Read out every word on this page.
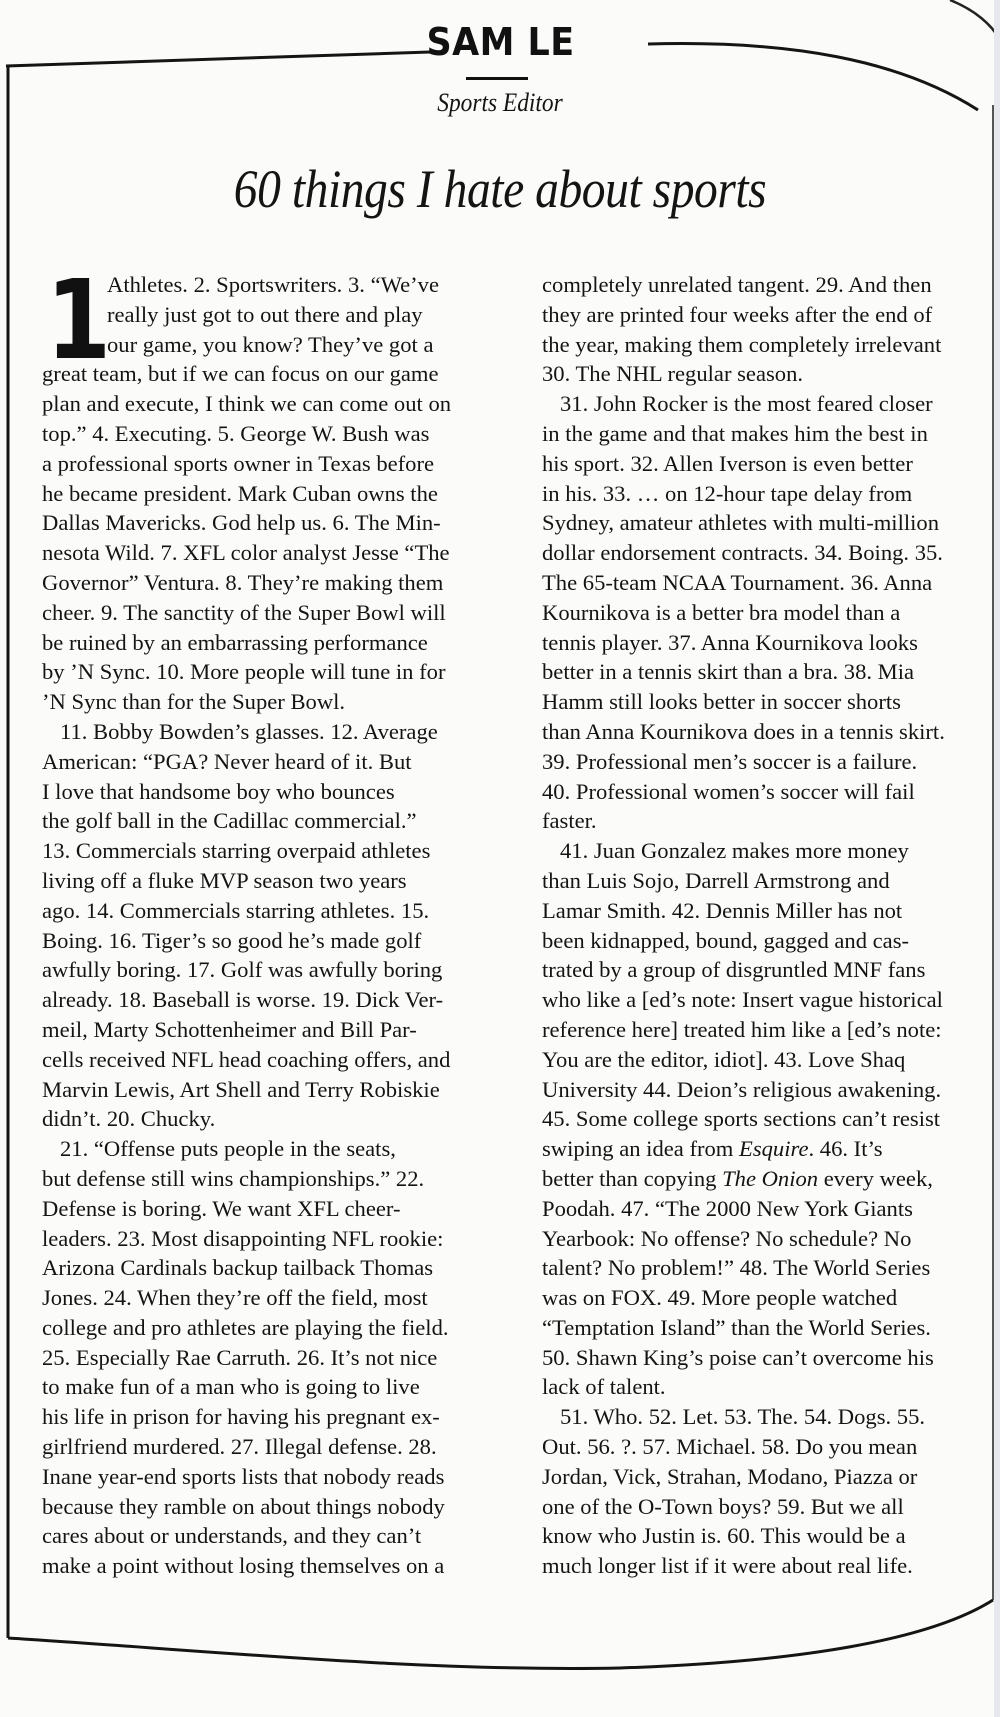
SAM LE
Sports Editor
60 things I hate about sports
1
Athletes. 2. Sportswriters. 3. “We’ve
really just got to out there and play
our game, you know? They’ve got a
great team, but if we can focus on our game
plan and execute, I think we can come out on
top.” 4. Executing. 5. George W. Bush was
a professional sports owner in Texas before
he became president. Mark Cuban owns the
Dallas Mavericks. God help us. 6. The Min-
nesota Wild. 7. XFL color analyst Jesse “The
Governor” Ventura. 8. They’re making them
cheer. 9. The sanctity of the Super Bowl will
be ruined by an embarrassing performance
by ’N Sync. 10. More people will tune in for
’N Sync than for the Super Bowl.
11. Bobby Bowden’s glasses. 12. Average
American: “PGA? Never heard of it. But
I love that handsome boy who bounces
the golf ball in the Cadillac commercial.”
13. Commercials starring overpaid athletes
living off a fluke MVP season two years
ago. 14. Commercials starring athletes. 15.
Boing. 16. Tiger’s so good he’s made golf
awfully boring. 17. Golf was awfully boring
already. 18. Baseball is worse. 19. Dick Ver-
meil, Marty Schottenheimer and Bill Par-
cells received NFL head coaching offers, and
Marvin Lewis, Art Shell and Terry Robiskie
didn’t. 20. Chucky.
21. “Offense puts people in the seats,
but defense still wins championships.” 22.
Defense is boring. We want XFL cheer-
leaders. 23. Most disappointing NFL rookie:
Arizona Cardinals backup tailback Thomas
Jones. 24. When they’re off the field, most
college and pro athletes are playing the field.
25. Especially Rae Carruth. 26. It’s not nice
to make fun of a man who is going to live
his life in prison for having his pregnant ex-
girlfriend murdered. 27. Illegal defense. 28.
Inane year-end sports lists that nobody reads
because they ramble on about things nobody
cares about or understands, and they can’t
make a point without losing themselves on a
completely unrelated tangent. 29. And then
they are printed four weeks after the end of
the year, making them completely irrelevant
30. The NHL regular season.
31. John Rocker is the most feared closer
in the game and that makes him the best in
his sport. 32. Allen Iverson is even better
in his. 33. … on 12-hour tape delay from
Sydney, amateur athletes with multi-million
dollar endorsement contracts. 34. Boing. 35.
The 65-team NCAA Tournament. 36. Anna
Kournikova is a better bra model than a
tennis player. 37. Anna Kournikova looks
better in a tennis skirt than a bra. 38. Mia
Hamm still looks better in soccer shorts
than Anna Kournikova does in a tennis skirt.
39. Professional men’s soccer is a failure.
40. Professional women’s soccer will fail
faster.
41. Juan Gonzalez makes more money
than Luis Sojo, Darrell Armstrong and
Lamar Smith. 42. Dennis Miller has not
been kidnapped, bound, gagged and cas-
trated by a group of disgruntled MNF fans
who like a [ed’s note: Insert vague historical
reference here] treated him like a [ed’s note:
You are the editor, idiot]. 43. Love Shaq
University 44. Deion’s religious awakening.
45. Some college sports sections can’t resist
swiping an idea from Esquire. 46. It’s
better than copying The Onion every week,
Poodah. 47. “The 2000 New York Giants
Yearbook: No offense? No schedule? No
talent? No problem!” 48. The World Series
was on FOX. 49. More people watched
“Temptation Island” than the World Series.
50. Shawn King’s poise can’t overcome his
lack of talent.
51. Who. 52. Let. 53. The. 54. Dogs. 55.
Out. 56. ?. 57. Michael. 58. Do you mean
Jordan, Vick, Strahan, Modano, Piazza or
one of the O-Town boys? 59. But we all
know who Justin is. 60. This would be a
much longer list if it were about real life.
